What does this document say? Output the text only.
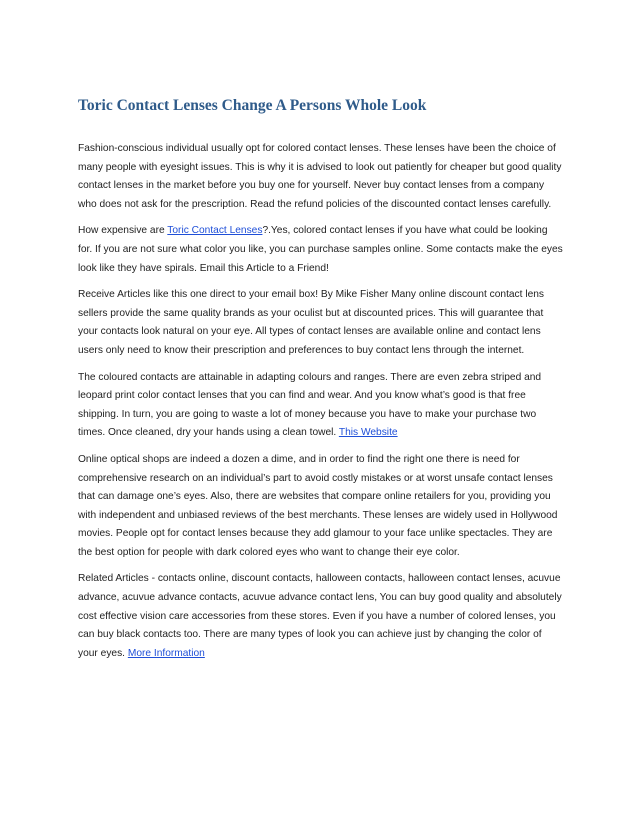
Toric Contact Lenses Change A Persons Whole Look

Fashion-conscious individual usually opt for colored contact lenses. These lenses have been the choice of many people with eyesight issues. This is why it is advised to look out patiently for cheaper but good quality contact lenses in the market before you buy one for yourself. Never buy contact lenses from a company who does not ask for the prescription. Read the refund policies of the discounted contact lenses carefully.

How expensive are Toric Contact Lenses?.Yes, colored contact lenses if you have what could be looking for. If you are not sure what color you like, you can purchase samples online. Some contacts make the eyes look like they have spirals. Email this Article to a Friend!

Receive Articles like this one direct to your email box! By Mike Fisher Many online discount contact lens sellers provide the same quality brands as your oculist but at discounted prices. This will guarantee that your contacts look natural on your eye. All types of contact lenses are available online and contact lens users only need to know their prescription and preferences to buy contact lens through the internet.

The coloured contacts are attainable in adapting colours and ranges. There are even zebra striped and leopard print color contact lenses that you can find and wear. And you know what’s good is that free shipping. In turn, you are going to waste a lot of money because you have to make your purchase two times. Once cleaned, dry your hands using a clean towel. This Website

Online optical shops are indeed a dozen a dime, and in order to find the right one there is need for comprehensive research on an individual’s part to avoid costly mistakes or at worst unsafe contact lenses that can damage one’s eyes. Also, there are websites that compare online retailers for you, providing you with independent and unbiased reviews of the best merchants. These lenses are widely used in Hollywood movies. People opt for contact lenses because they add glamour to your face unlike spectacles. They are the best option for people with dark colored eyes who want to change their eye color.

Related Articles - contacts online, discount contacts, halloween contacts, halloween contact lenses, acuvue advance, acuvue advance contacts, acuvue advance contact lens, You can buy good quality and absolutely cost effective vision care accessories from these stores. Even if you have a number of colored lenses, you can buy black contacts too. There are many types of look you can achieve just by changing the color of your eyes. More Information
